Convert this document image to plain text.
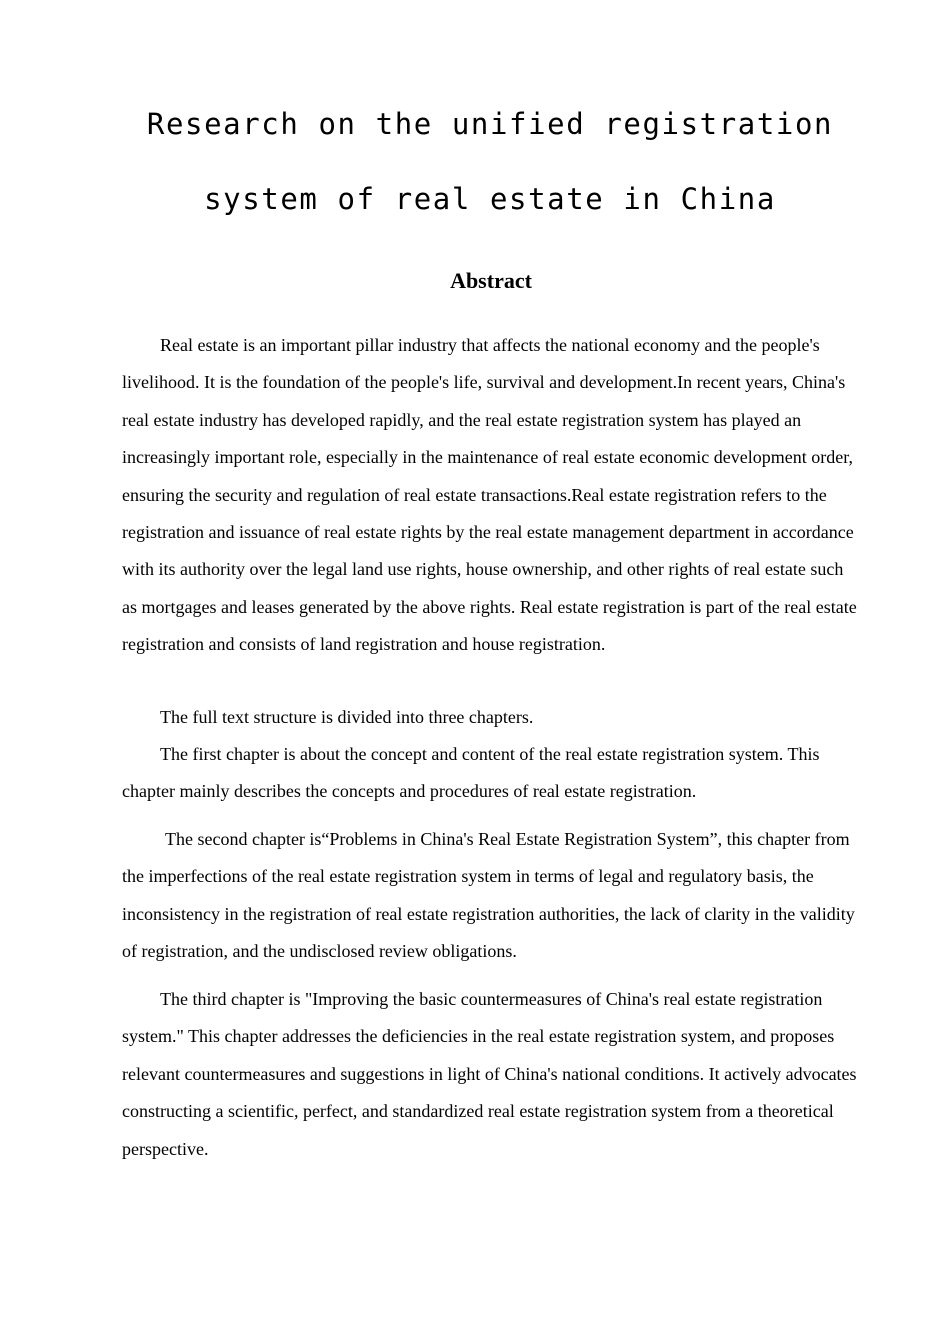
Research on the unified registration
system of real estate in China
Abstract

Real estate is an important pillar industry that affects the national economy and the people's livelihood. It is the foundation of the people's life, survival and development.In recent years, China's real estate industry has developed rapidly, and the real estate registration system has played an increasingly important role, especially in the maintenance of real estate economic development order, ensuring the security and regulation of real estate transactions.Real estate registration refers to the registration and issuance of real estate rights by the real estate management department in accordance with its authority over the legal land use rights, house ownership, and other rights of real estate such as mortgages and leases generated by the above rights. Real estate registration is part of the real estate registration and consists of land registration and house registration.

The full text structure is divided into three chapters.

The first chapter is about the concept and content of the real estate registration system. This chapter mainly describes the concepts and procedures of real estate registration.

The second chapter is“Problems in China's Real Estate Registration System”, this chapter from the imperfections of the real estate registration system in terms of legal and regulatory basis, the inconsistency in the registration of real estate registration authorities, the lack of clarity in the validity of registration, and the undisclosed review obligations.

The third chapter is "Improving the basic countermeasures of China's real estate registration system." This chapter addresses the deficiencies in the real estate registration system, and proposes relevant countermeasures and suggestions in light of China's national conditions. It actively advocates constructing a scientific, perfect, and standardized real estate registration system from a theoretical perspective.
